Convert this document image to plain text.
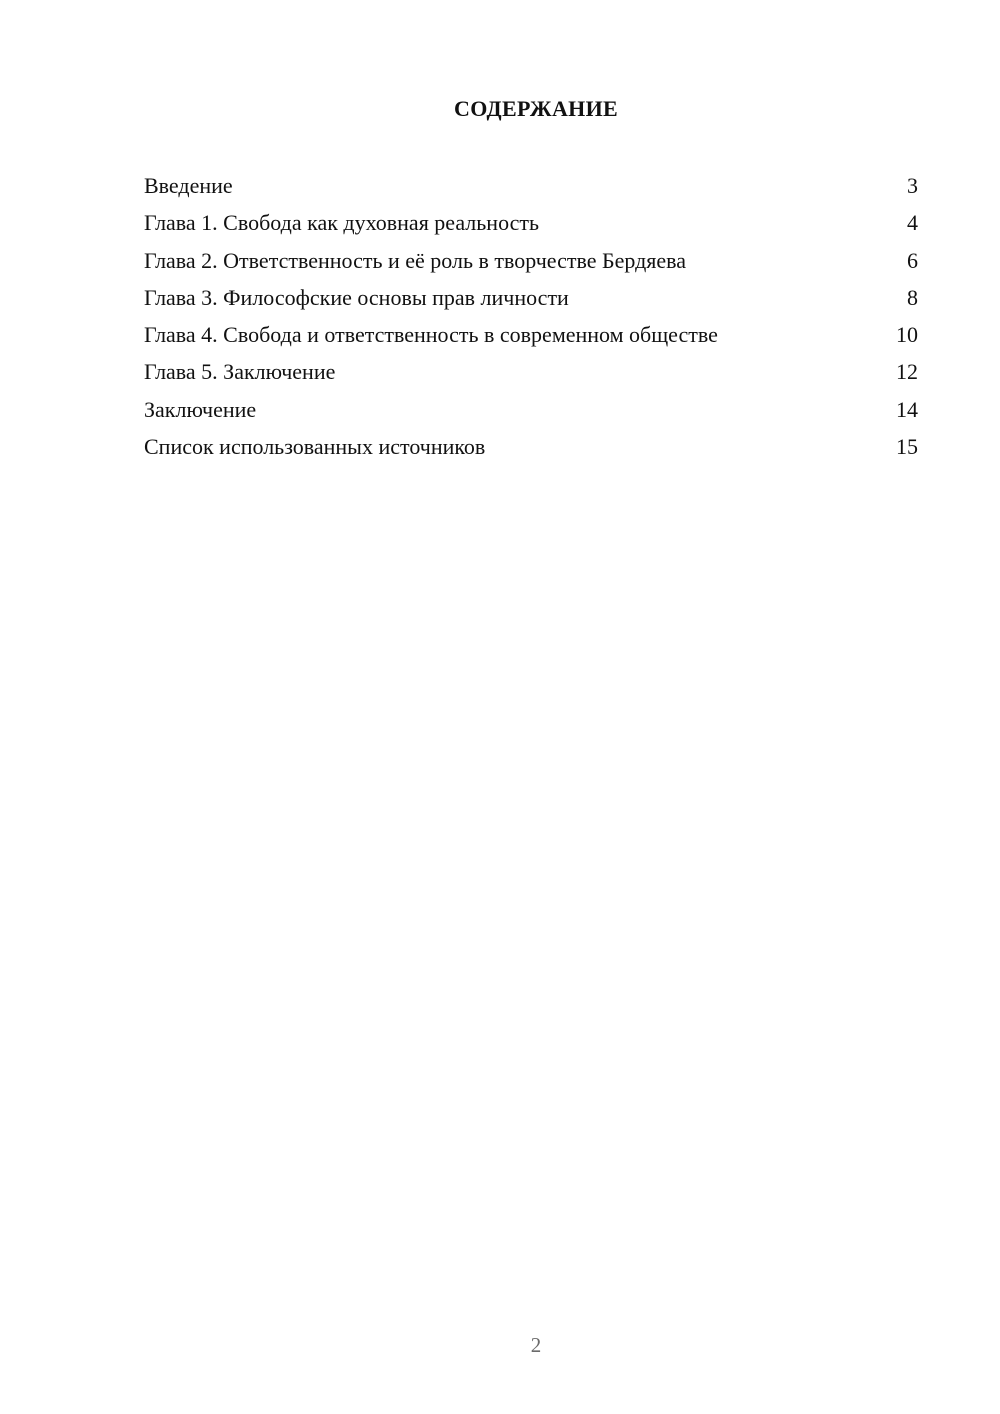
СОДЕРЖАНИЕ
Введение	3
Глава 1. Свобода как духовная реальность	4
Глава 2. Ответственность и её роль в творчестве Бердяева	6
Глава 3. Философские основы прав личности	8
Глава 4. Свобода и ответственность в современном обществе	10
Глава 5. Заключение	12
Заключение	14
Список использованных источников	15
2
